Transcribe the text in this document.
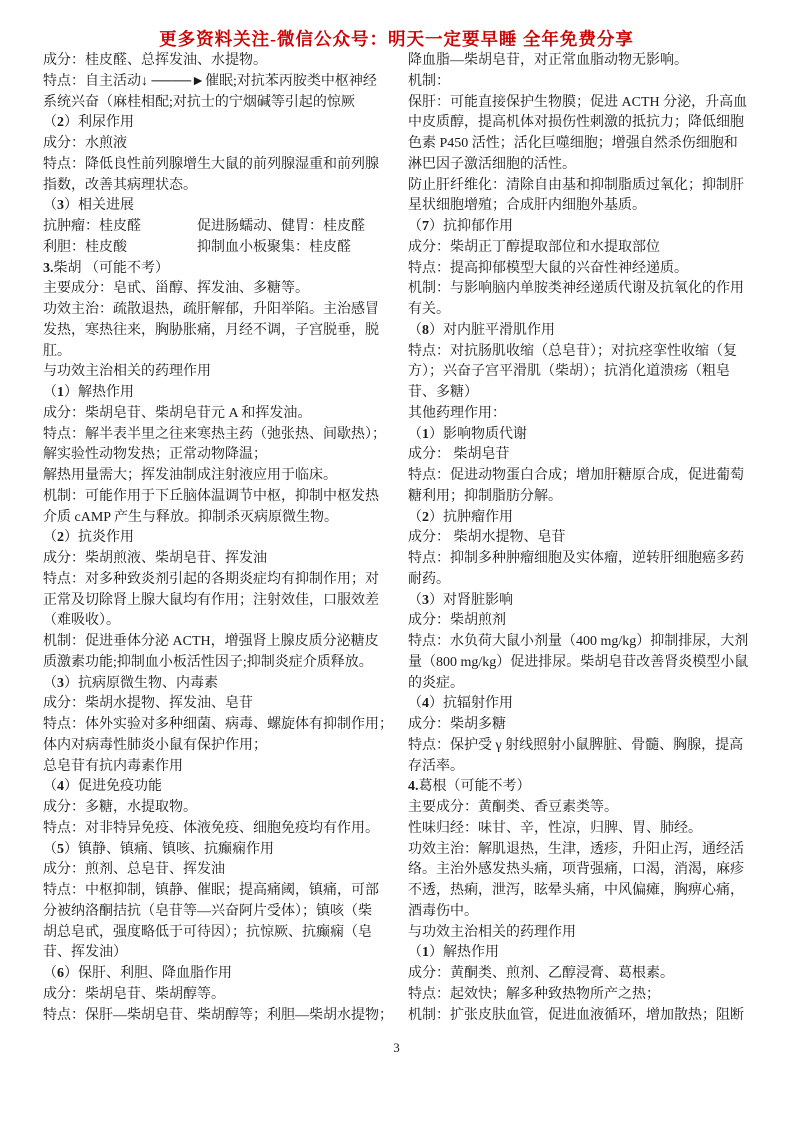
更多资料关注-微信公众号：明天一定要早睡 全年免费分享
成分：桂皮醛、总挥发油、水提物。
特点：自主活动↓ ────►催眠;对抗苯丙胺类中枢神经
系统兴奋（麻桂相配;对抗士的宁烟碱等引起的惊厥
（2）利尿作用
成分：水煎液
特点：降低良性前列腺增生大鼠的前列腺湿重和前列腺
指数，改善其病理状态。
（3）相关进展
抗肿瘤：桂皮醛　　　　促进肠蠕动、健胃：桂皮醛
利胆：桂皮酸　　　　　抑制血小板聚集：桂皮醛
3.柴胡 （可能不考）
主要成分：皂甙、甾醇、挥发油、多糖等。
功效主治：疏散退热，疏肝解郁，升阳举陷。主治感冒
发热，寒热往来，胸胁胀痛，月经不调，子宫脱垂，脱
肛。
与功效主治相关的药理作用
（1）解热作用
成分：柴胡皂苷、柴胡皂苷元 A 和挥发油。
特点：解半表半里之往来寒热主药（弛张热、间歇热）；
解实验性动物发热；正常动物降温；
解热用量需大；挥发油制成注射液应用于临床。
机制：可能作用于下丘脑体温调节中枢，抑制中枢发热
介质 cAMP 产生与释放。抑制杀灭病原微生物。
（2）抗炎作用
成分：柴胡煎液、柴胡皂苷、挥发油
特点：对多种致炎剂引起的各期炎症均有抑制作用；对
正常及切除肾上腺大鼠均有作用；注射效佳，口服效差
（难吸收）。
机制：促进垂体分泌 ACTH，增强肾上腺皮质分泌糖皮
质激素功能;抑制血小板活性因子;抑制炎症介质释放。
（3）抗病原微生物、内毒素
成分：柴胡水提物、挥发油、皂苷
特点：体外实验对多种细菌、病毒、螺旋体有抑制作用；
体内对病毒性肺炎小鼠有保护作用；
总皂苷有抗内毒素作用
（4）促进免疫功能
成分：多糖，水提取物。
特点：对非特异免疫、体液免疫、细胞免疫均有作用。
（5）镇静、镇痛、镇咳、抗癫痫作用
成分：煎剂、总皂苷、挥发油
特点：中枢抑制，镇静、催眠；提高痛阈，镇痛，可部
分被纳洛酮拮抗（皂苷等—兴奋阿片受体）；镇咳（柴
胡总皂甙，强度略低于可待因）；抗惊厥、抗癫痫（皂
苷、挥发油）
（6）保肝、利胆、降血脂作用
成分：柴胡皂苷、柴胡醇等。
特点：保肝—柴胡皂苷、柴胡醇等；利胆—柴胡水提物；
降血脂—柴胡皂苷，对正常血脂动物无影响。
机制：
保肝：可能直接保护生物膜；促进 ACTH 分泌，升高血
中皮质醇，提高机体对损伤性刺激的抵抗力；降低细胞
色素 P450 活性；活化巨噬细胞；增强自然杀伤细胞和
淋巴因子激活细胞的活性。
防止肝纤维化：清除自由基和抑制脂质过氧化；抑制肝
星状细胞增殖；合成肝内细胞外基质。
（7）抗抑郁作用
成分：柴胡正丁醇提取部位和水提取部位
特点：提高抑郁模型大鼠的兴奋性神经递质。
机制：与影响脑内单胺类神经递质代谢及抗氧化的作用
有关。
（8）对内脏平滑肌作用
特点：对抗肠肌收缩（总皂苷）；对抗痉挛性收缩（复
方）；兴奋子宫平滑肌（柴胡）；抗消化道溃疡（粗皂
苷、多糖）
其他药理作用：
（1）影响物质代谢
成分： 柴胡皂苷
特点：促进动物蛋白合成；增加肝糖原合成，促进葡萄
糖利用；抑制脂肪分解。
（2）抗肿瘤作用
成分： 柴胡水提物、皂苷
特点：抑制多种肿瘤细胞及实体瘤，逆转肝细胞癌多药
耐药。
（3）对肾脏影响
成分：柴胡煎剂
特点：水负荷大鼠小剂量（400 mg/kg）抑制排尿，大剂
量（800 mg/kg）促进排尿。柴胡皂苷改善肾炎模型小鼠
的炎症。
（4）抗辐射作用
成分：柴胡多糖
特点：保护受 γ 射线照射小鼠脾脏、骨髓、胸腺，提高
存活率。
4.葛根（可能不考）
主要成分：黄酮类、香豆素类等。
性味归经：味甘、辛，性凉，归脾、胃、肺经。
功效主治：解肌退热，生津，透疹，升阳止泻，通经活
络。主治外感发热头痛，项背强痛，口渴，消渴，麻疹
不透，热痢，泄泻，眩晕头痛，中风偏瘫，胸痹心痛，
酒毒伤中。
与功效主治相关的药理作用
（1）解热作用
成分：黄酮类、煎剂、乙醇浸膏、葛根素。
特点：起效快；解多种致热物所产之热；
机制：扩张皮肤血管，促进血液循环，增加散热；阻断
3
